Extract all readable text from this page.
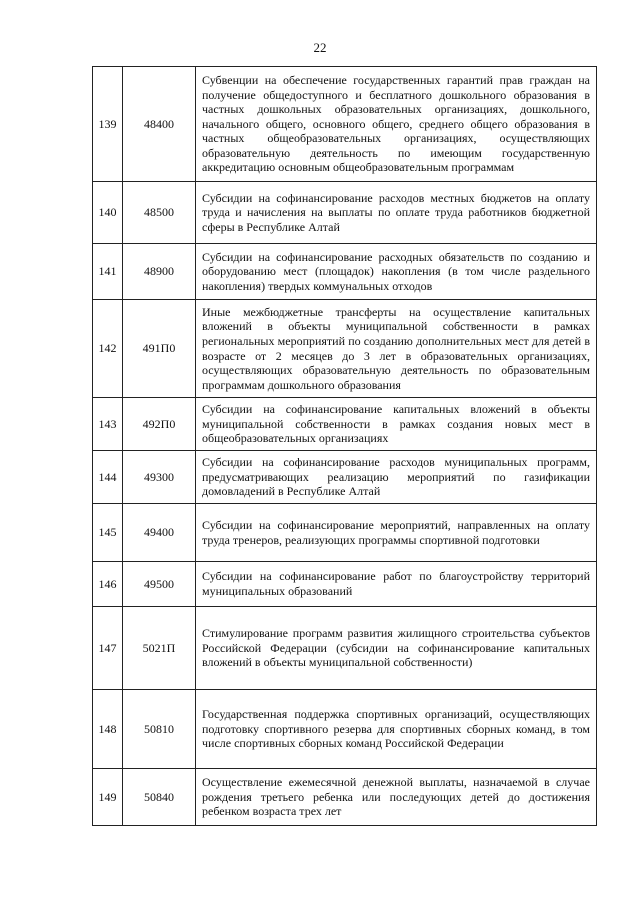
22
139	48400	Субвенции на обеспечение государственных гарантий прав граждан на получение общедоступного и бесплатного дошкольного образования в частных дошкольных образовательных организациях, дошкольного, начального общего, основного общего, среднего общего образования в частных общеобразовательных организациях, осуществляющих образовательную деятельность по имеющим государственную аккредитацию основным общеобразовательным программам
140	48500	Субсидии на софинансирование расходов местных бюджетов на оплату труда и начисления на выплаты по оплате труда работников бюджетной сферы в Республике Алтай
141	48900	Субсидии на софинансирование расходных обязательств по созданию и оборудованию мест (площадок) накопления (в том числе раздельного накопления) твердых коммунальных отходов
142	491П0	Иные межбюджетные трансферты на осуществление капитальных вложений в объекты муниципальной собственности в рамках региональных мероприятий по созданию дополнительных мест для детей в возрасте от 2 месяцев до 3 лет в образовательных организациях, осуществляющих образовательную деятельность по образовательным программам дошкольного образования
143	492П0	Субсидии на софинансирование капитальных вложений в объекты муниципальной собственности в рамках создания новых мест в общеобразовательных организациях
144	49300	Субсидии на софинансирование расходов муниципальных программ, предусматривающих реализацию мероприятий по газификации домовладений в Республике Алтай
145	49400	Субсидии на софинансирование мероприятий, направленных на оплату труда тренеров, реализующих программы спортивной подготовки
146	49500	Субсидии на софинансирование работ по благоустройству территорий муниципальных образований
147	5021П	Стимулирование программ развития жилищного строительства субъектов Российской Федерации (субсидии на софинансирование капитальных вложений в объекты муниципальной собственности)
148	50810	Государственная поддержка спортивных организаций, осуществляющих подготовку спортивного резерва для спортивных сборных команд, в том числе спортивных сборных команд Российской Федерации
149	50840	Осуществление ежемесячной денежной выплаты, назначаемой в случае рождения третьего ребенка или последующих детей до достижения ребенком возраста трех лет
